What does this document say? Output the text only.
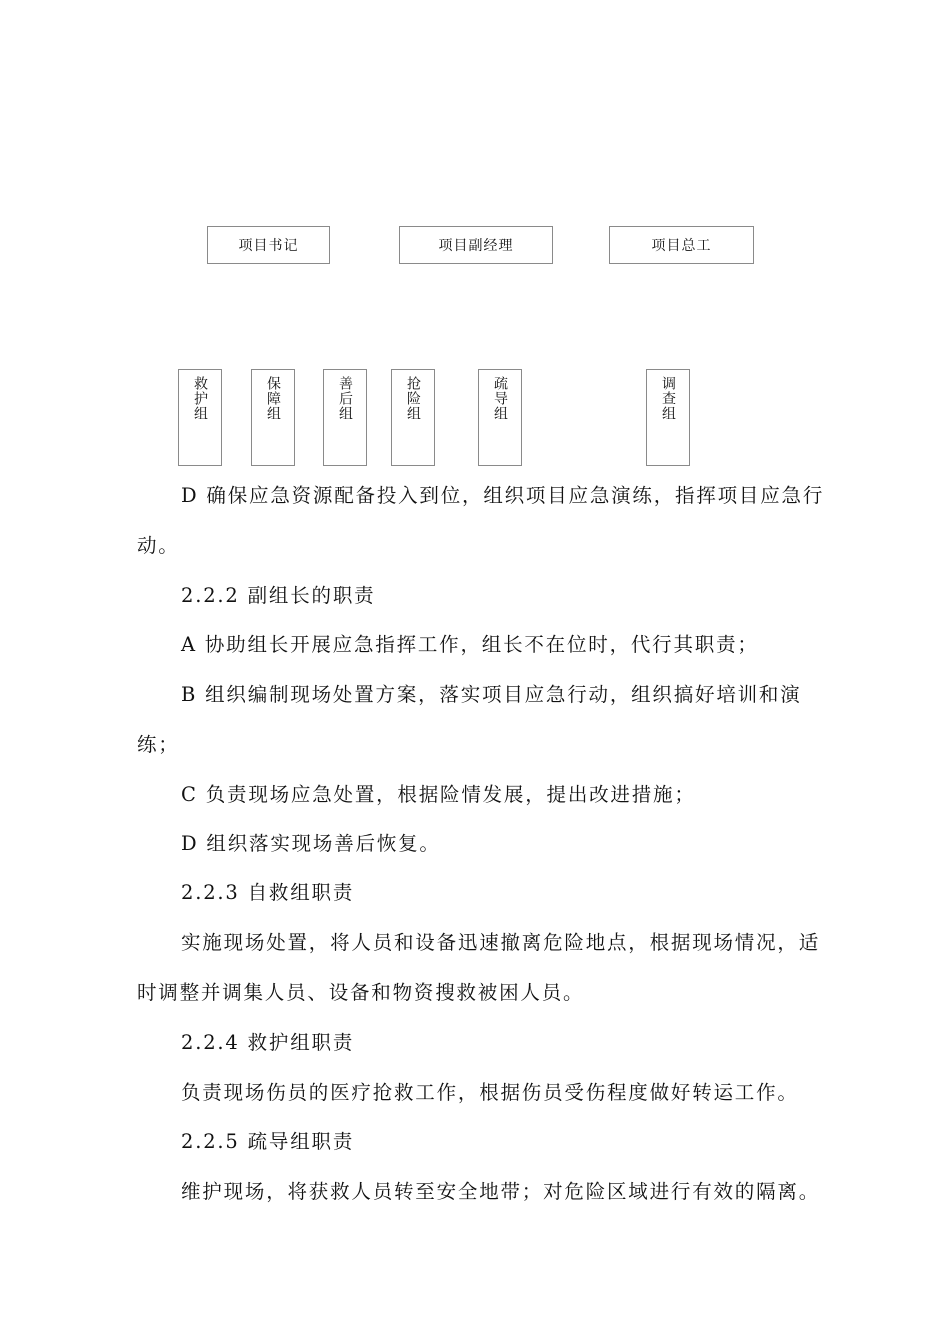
项目书记	项目副经理	项目总工
救护组	保障组	善后组	抢险组	疏导组	调查组

D 确保应急资源配备投入到位，组织项目应急演练，指挥项目应急行动。

2.2.2 副组长的职责

A 协助组长开展应急指挥工作，组长不在位时，代行其职责；

B 组织编制现场处置方案，落实项目应急行动，组织搞好培训和演练；

C 负责现场应急处置，根据险情发展，提出改进措施；

D 组织落实现场善后恢复。

2.2.3 自救组职责

实施现场处置，将人员和设备迅速撤离危险地点，根据现场情况，适时调整并调集人员、设备和物资搜救被困人员。

2.2.4 救护组职责

负责现场伤员的医疗抢救工作，根据伤员受伤程度做好转运工作。

2.2.5 疏导组职责

维护现场，将获救人员转至安全地带；对危险区域进行有效的隔离。
